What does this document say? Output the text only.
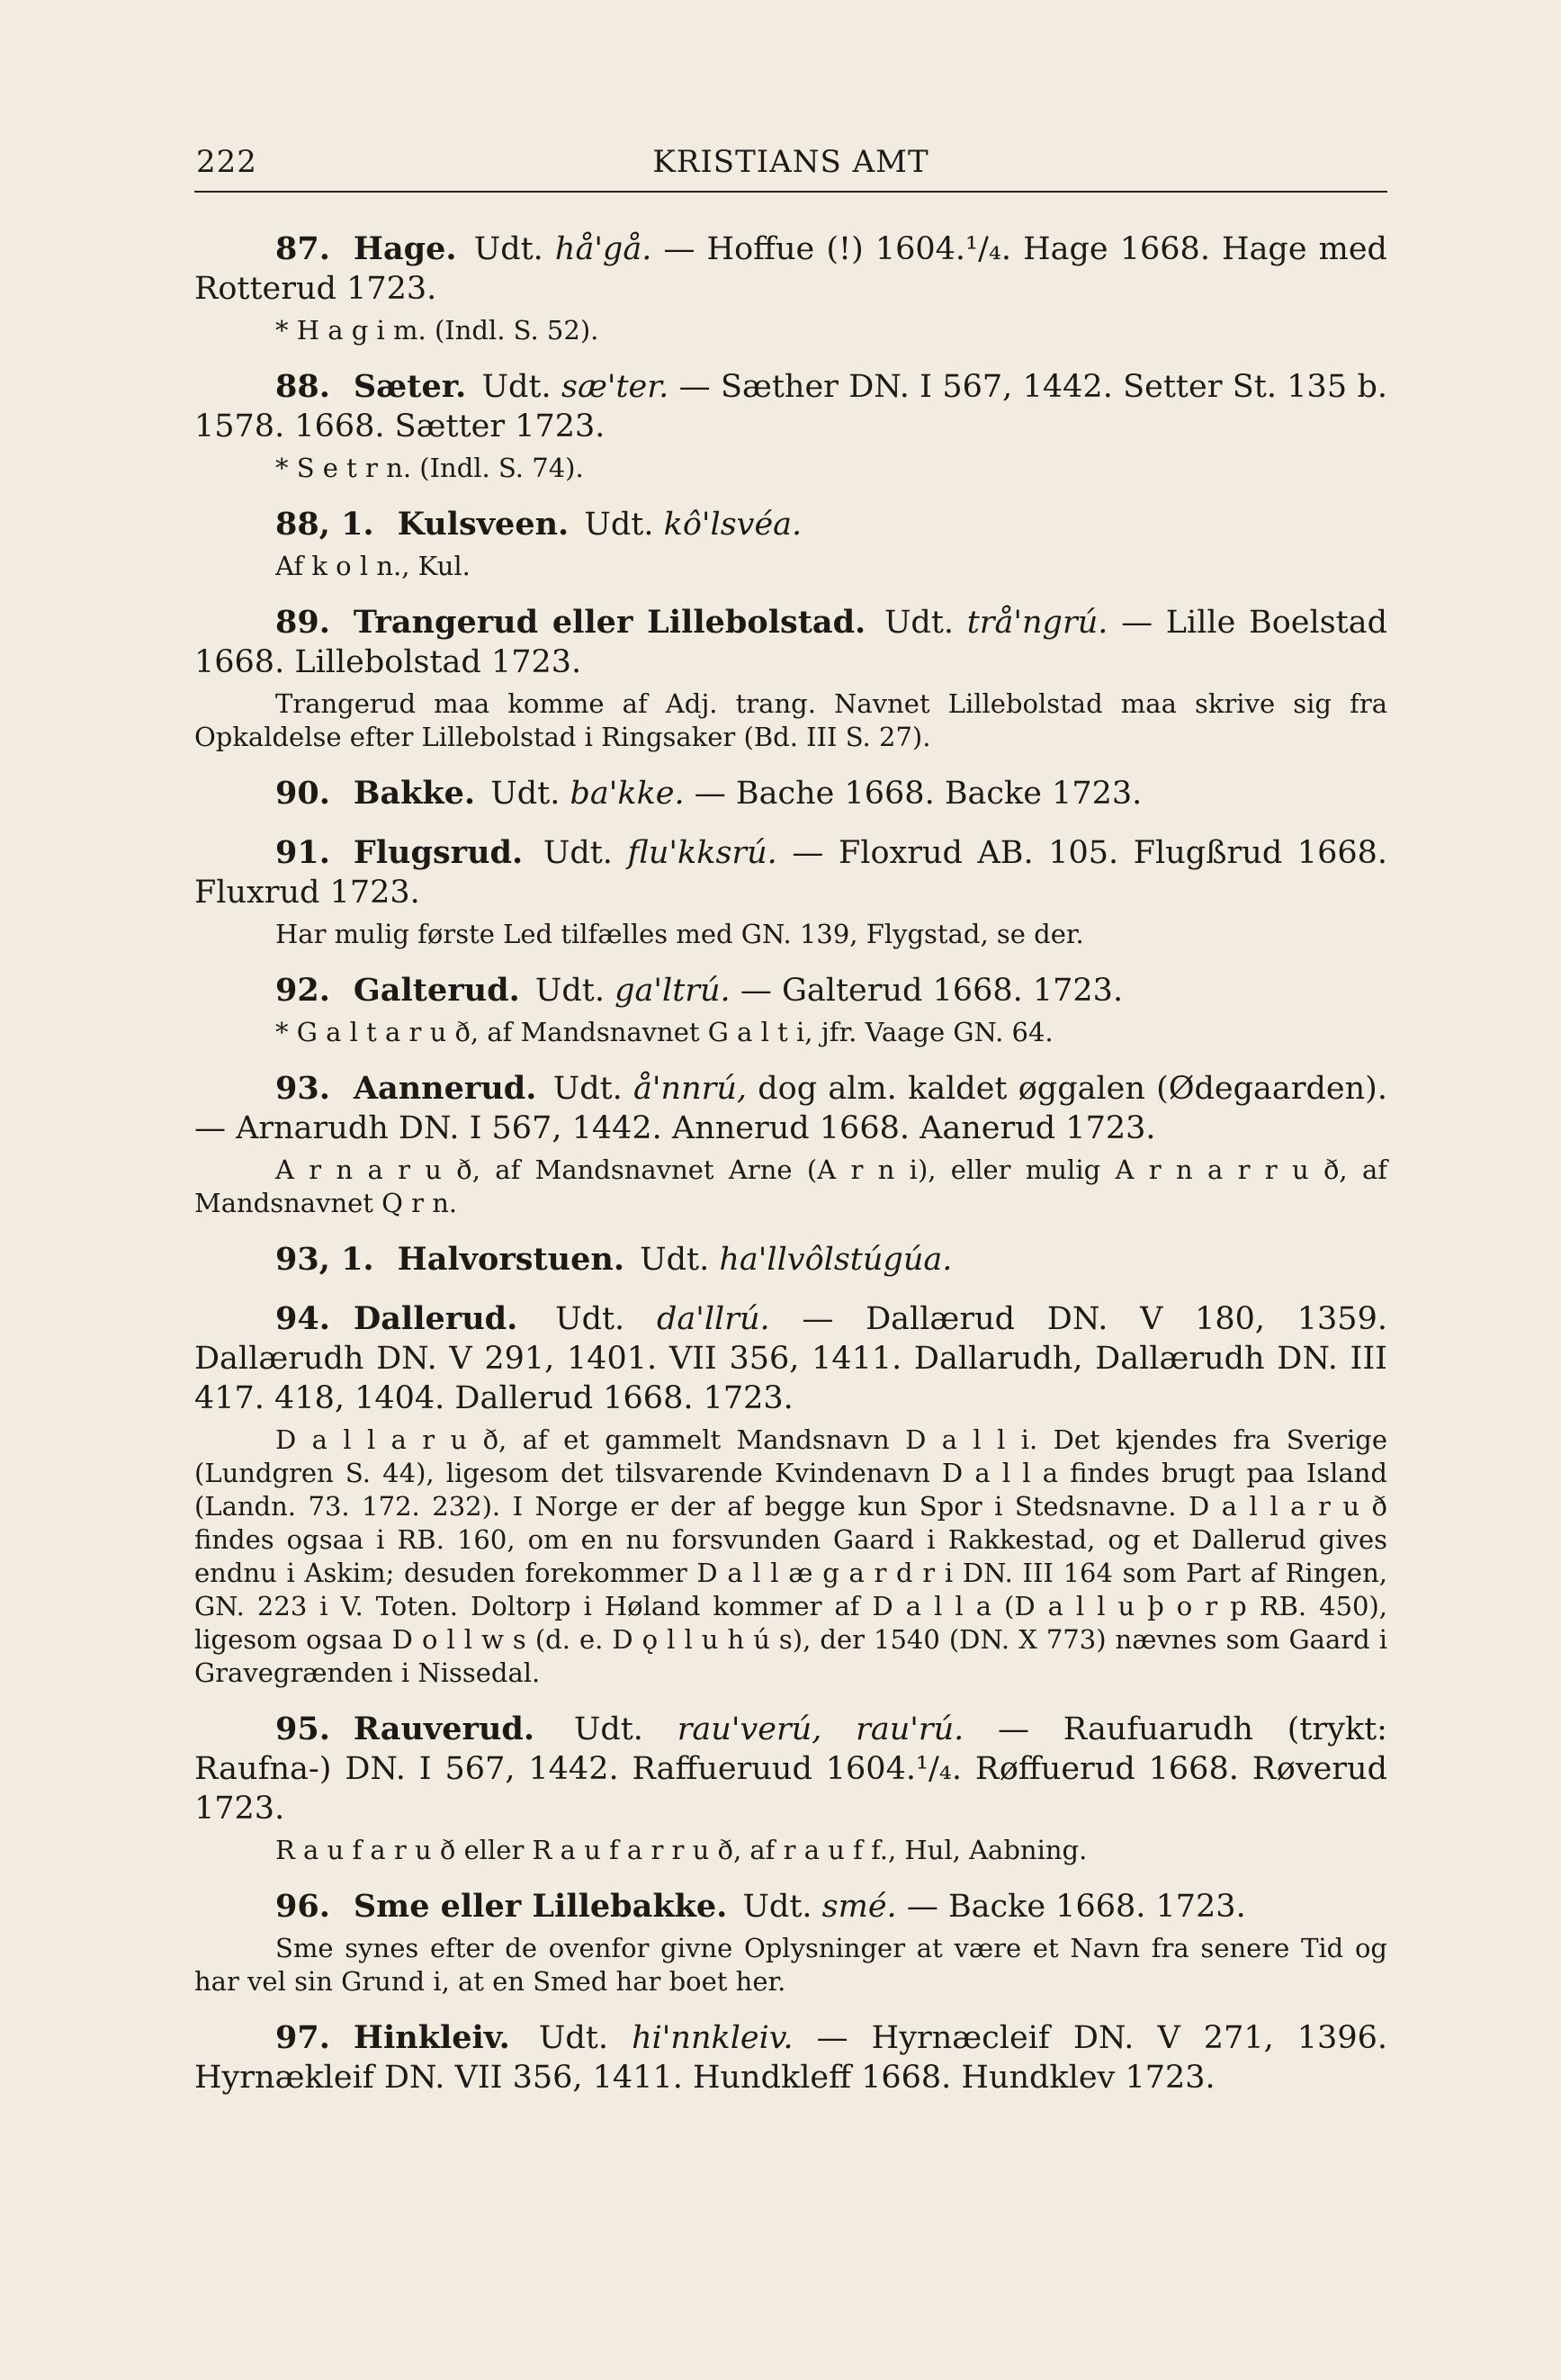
222	KRISTIANS AMT
87. Hage. Udt. hå'gå. — Hoffue (!) 1604.¹/₄. Hage 1668. Hage med Rotterud 1723.
* H a g i m. (Indl. S. 52).
88. Sæter. Udt. sæ'ter. — Sæther DN. I 567, 1442. Setter St. 135 b. 1578. 1668. Sætter 1723.
* S e t r n. (Indl. S. 74).
88, 1. Kulsveen. Udt. kô'lsvéa.
Af k o l n., Kul.
89. Trangerud eller Lillebolstad. Udt. trå'ngrú. — Lille Boelstad 1668. Lillebolstad 1723.
Trangerud maa komme af Adj. trang. Navnet Lillebolstad maa skrive sig fra Opkaldelse efter Lillebolstad i Ringsaker (Bd. III S. 27).
90. Bakke. Udt. ba'kke. — Bache 1668. Backe 1723.
91. Flugsrud. Udt. flu'kksrú. — Floxrud AB. 105. Flugßrud 1668. Fluxrud 1723.
Har mulig første Led tilfælles med GN. 139, Flygstad, se der.
92. Galterud. Udt. ga'ltrú. — Galterud 1668. 1723.
* G a l t a r u ð, af Mandsnavnet G a l t i, jfr. Vaage GN. 64.
93. Aannerud. Udt. å'nnrú, dog alm. kaldet øggalen (Ødegaarden). — Arnarudh DN. I 567, 1442. Annerud 1668. Aanerud 1723.
A r n a r u ð, af Mandsnavnet Arne (A r n i), eller mulig A r n a r r u ð, af Mandsnavnet Q r n.
93, 1. Halvorstuen. Udt. ha'llvôlstúgúa.
94. Dallerud. Udt. da'llrú. — Dallærud DN. V 180, 1359. Dallærudh DN. V 291, 1401. VII 356, 1411. Dallarudh, Dallærudh DN. III 417. 418, 1404. Dallerud 1668. 1723.
D a l l a r u ð, af et gammelt Mandsnavn D a l l i. Det kjendes fra Sverige (Lundgren S. 44), ligesom det tilsvarende Kvindenavn D a l l a findes brugt paa Island (Landn. 73. 172. 232). I Norge er der af begge kun Spor i Stedsnavne. D a l l a r u ð findes ogsaa i RB. 160, om en nu forsvunden Gaard i Rakkestad, og et Dallerud gives endnu i Askim; desuden forekommer D a l l æ g a r d r i DN. III 164 som Part af Ringen, GN. 223 i V. Toten. Doltorp i Høland kommer af D a l l a (D a l l u þ o r p RB. 450), ligesom ogsaa D o l l w s (d. e. D ǫ l l u h ú s), der 1540 (DN. X 773) nævnes som Gaard i Gravegrænden i Nissedal.
95. Rauverud. Udt. rau'verú, rau'rú. — Raufuarudh (trykt: Raufna-) DN. I 567, 1442. Raffueruud 1604.¹/₄. Røffuerud 1668. Røverud 1723.
R a u f a r u ð eller R a u f a r r u ð, af r a u f f., Hul, Aabning.
96. Sme eller Lillebakke. Udt. smé. — Backe 1668. 1723.
Sme synes efter de ovenfor givne Oplysninger at være et Navn fra senere Tid og har vel sin Grund i, at en Smed har boet her.
97. Hinkleiv. Udt. hi'nnkleiv. — Hyrnæcleif DN. V 271, 1396. Hyrnækleif DN. VII 356, 1411. Hundkleff 1668. Hundklev 1723.
